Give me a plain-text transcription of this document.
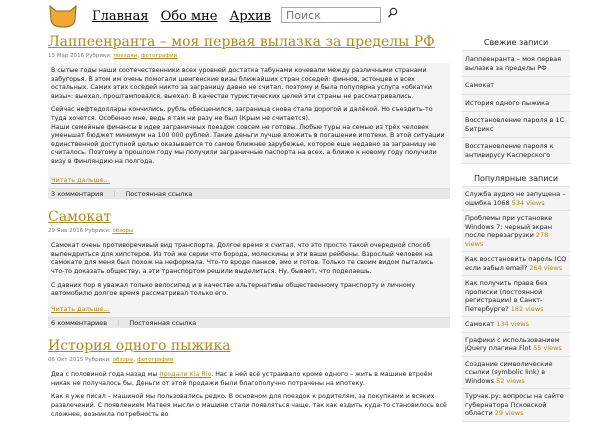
Главная Обо мне Архив
Поиск
Лаппеенранта – моя первая вылазка за пределы РФ
13 Мар 2016 Рубрики: поездки, фотографии

В сытые годы наши соотечественники всех уровней достатка табунами кочевали между различными странами забугорья. В этом им очень помогали шенгенские визы ближайших стран соседей: финнов, эстонцев и всех остальных. Самих этих соседей никто за заграницу давно не считал, поэтому и была популярна услуга «обкатки визы»: выехал, проштамповался, выехал. В качестве туристических целей эти страны не рассматривались.

Сейчас нефтедоллары кончились, рубль обесценился, заграница снова стала дорогой и далёкой. Но съездить-то туда хочется. Особенно мне, ведь я там ни разу не был (Крым не считается).
Наши семейные финансы в идее заграничных поездок совсем не готовы. Любые туры на семью из трёх человек уменьшат бюджет минимум на 100 000 рублей. Такие деньги лучше вложить в погашение ипотеки. В этой ситуации единственной доступной целью оказывается то самое ближнее зарубежье, которое еще недавно за заграницу не считалось. Поэтому в прошлом году мы получили заграничные паспорта на всех, а ближе к новому году получили визу в Финляндию на полгода.

Читать дальше…

3 комментария | Постоянная ссылка
Самокат
29 Янв 2016 Рубрики: обзоры

Самокат очень противоречивый вид транспорта. Долгое время я считал, что это просто такой очередной способ выпендриться для хипстеров. Из той же серии что борода, молескины и эти ваши рейбены. Взрослый человек на самокате для меня был похож на неформала. Что-то вроде панков, эмо и готов. Только те своим видом пытались что-то доказать обществу, а эти транспортом решили выделиться. Ну, бывает, что поделаешь.

С давних пор я уважал только велосипед и в качестве альтернативы общественному транспорту и личному автомобилю долгое время рассматривал только его.

Читать дальше…

6 комментариев | Постоянная ссылка
История одного пыжика
06 Окт 2015 Рубрики: обзоры, фотографии

Два с половиной года назад мы продали Kia Rio. Нас в ней всё устраивало кроме одного – жить в машине втроём никак не получалось бы. Деньги от этой продажи были благополучно потрачены на ипотеку.

Как я уже писал – машиной мы пользовались редко. В основном для поездок к родителям, за покупками и всяких развлечений. С появлением Матвея мысли о машине стали появляться чаще, так как ездить куда-то становилось всё сложнее, возникла потребность во

Свежие записи
Лаппеенранта – моя первая вылазка за пределы РФ
Самокат
История одного пыжика
Восстановление пароля в 1С Битрикс
Восстановление пароля к антивирусу Касперского
Популярные записи
Служба аудио не запущена – ошибка 1068 534 views
Проблемы при установке Windows 7: черный экран после перезагрузки 278 views
Как восстановить пароль ICQ если забыл email? 264 views
Как получить права без прописки (постоянной регистрации) в Санкт-Петербурге? 182 views
Самокат 134 views
Графики с использованием jQuery плагина Flot 55 views
Создание символические ссылки (symbolic link) в Windows 52 views
Турчак.ру: вопросы на сайте губернатора Псковской области 29 views
